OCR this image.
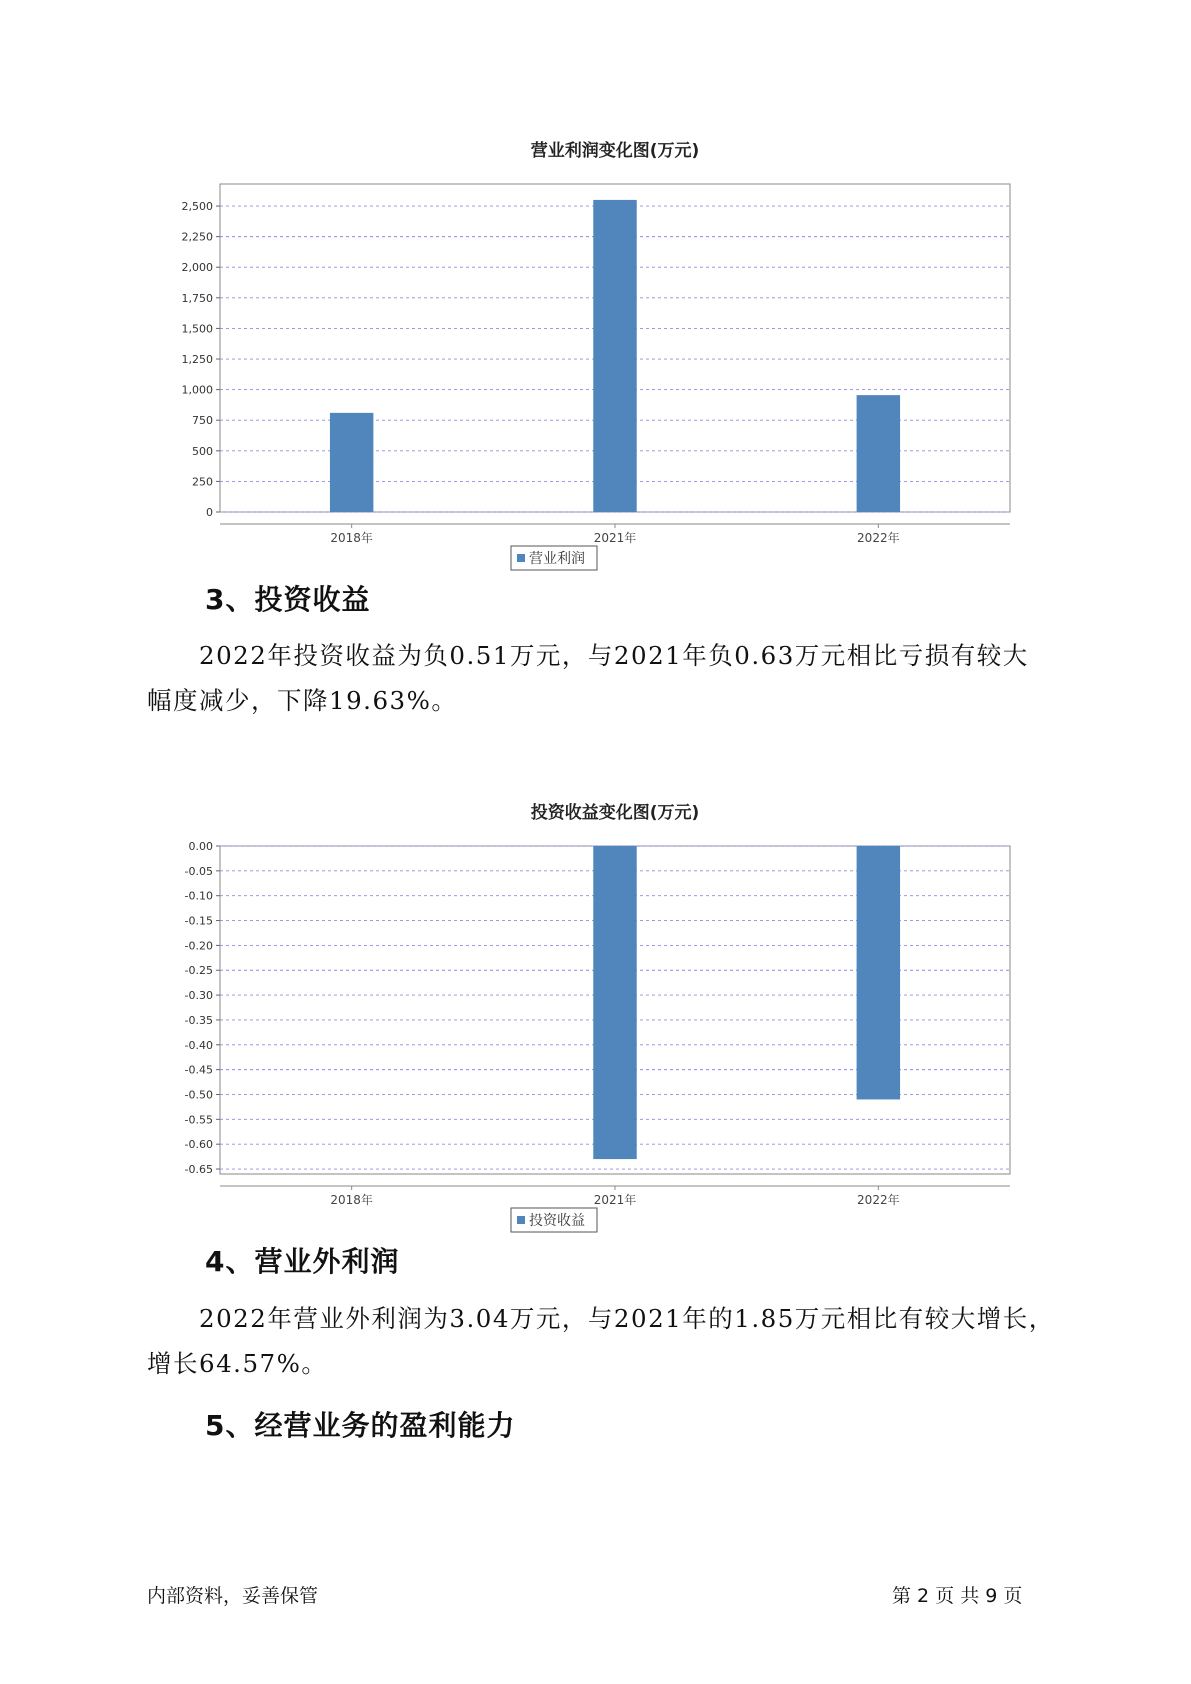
营业利润变化图(万元)
0
250
500
750
1,000
1,250
1,500
1,750
2,000
2,250
2,500
2018年	2021年	2022年
营业利润
3、投资收益

2022年投资收益为负0.51万元，与2021年负0.63万元相比亏损有较大
幅度减少，下降19.63%。

投资收益变化图(万元)
0.00
-0.05
-0.10
-0.15
-0.20
-0.25
-0.30
-0.35
-0.40
-0.45
-0.50
-0.55
-0.60
-0.65
2018年	2021年	2022年
投资收益
4、营业外利润

2022年营业外利润为3.04万元，与2021年的1.85万元相比有较大增长，
增长64.57%。

5、经营业务的盈利能力
内部资料，妥善保管	第 2 页 共 9 页
